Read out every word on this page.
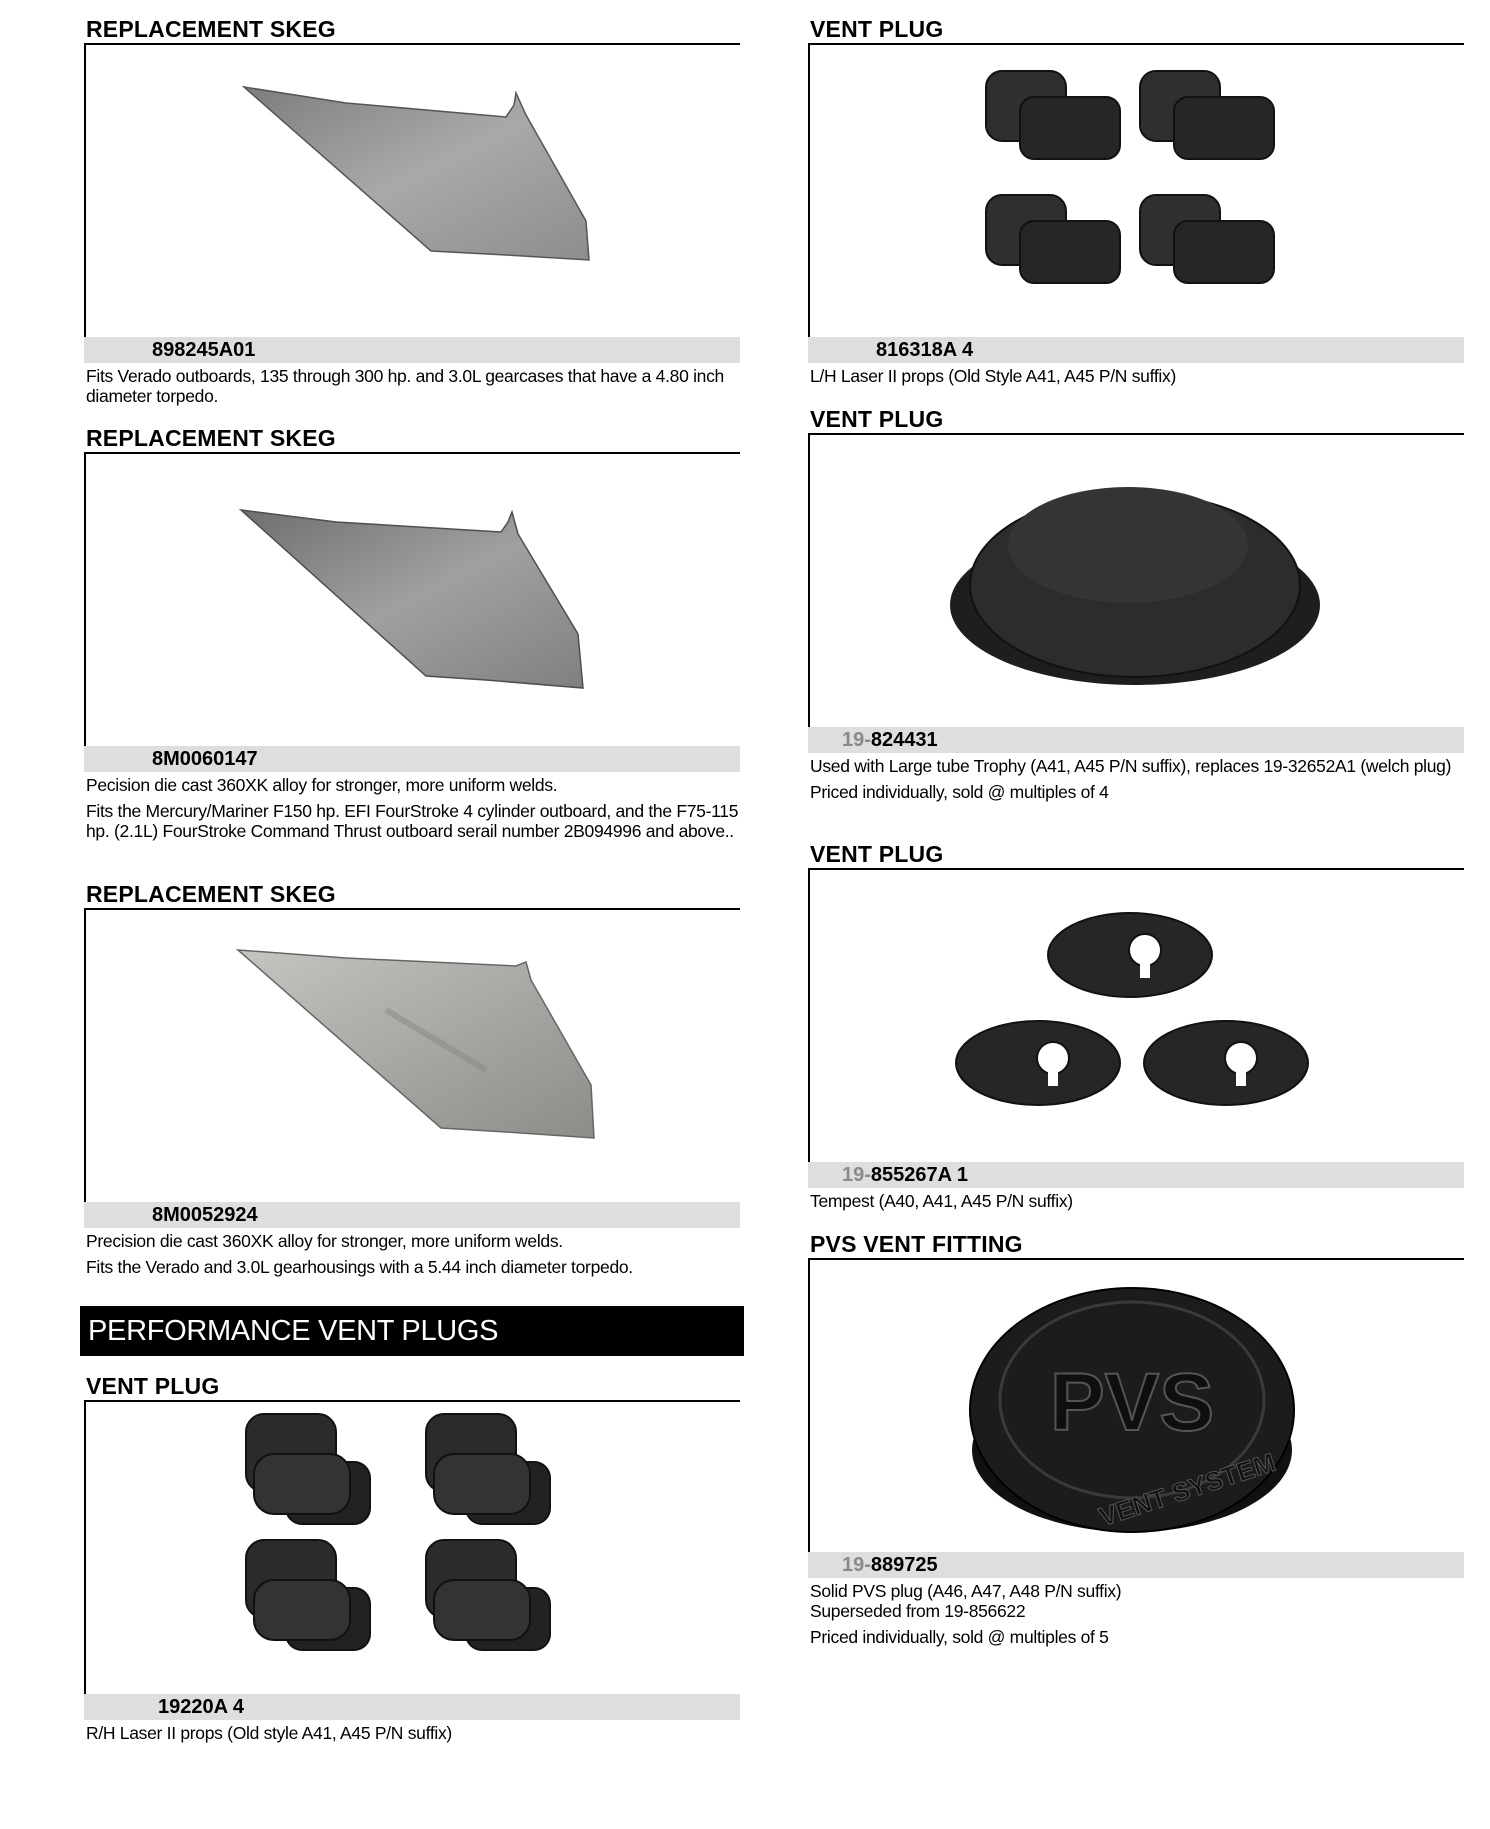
REPLACEMENT SKEG
898245A01

Fits Verado outboards, 135 through 300 hp. and 3.0L gearcases that have a 4.80 inch diameter torpedo.

REPLACEMENT SKEG
8M0060147

Pecision die cast 360XK alloy for stronger, more uniform welds.

Fits the Mercury/Mariner F150 hp. EFI FourStroke 4 cylinder outboard, and the F75-115 hp. (2.1L) FourStroke Command Thrust outboard serail number 2B094996 and above..

REPLACEMENT SKEG
8M0052924

Precision die cast 360XK alloy for stronger, more uniform welds.

Fits the Verado and 3.0L gearhousings with a 5.44 inch diameter torpedo.

PERFORMANCE VENT PLUGS
VENT PLUG
19220A 4

R/H Laser II props (Old style A41, A45 P/N suffix)

VENT PLUG
816318A 4

L/H Laser II props (Old Style A41, A45 P/N suffix)

VENT PLUG
19-824431

Used with Large tube Trophy (A41, A45 P/N suffix), replaces 19-32652A1 (welch plug)

Priced individually, sold @ multiples of 4

VENT PLUG
19-855267A 1

Tempest (A40, A41, A45 P/N suffix)

PVS VENT FITTING
PVS
VENT SYSTEM
19-889725

Solid PVS plug (A46, A47, A48 P/N suffix)
Superseded from 19-856622

Priced individually, sold @ multiples of 5
